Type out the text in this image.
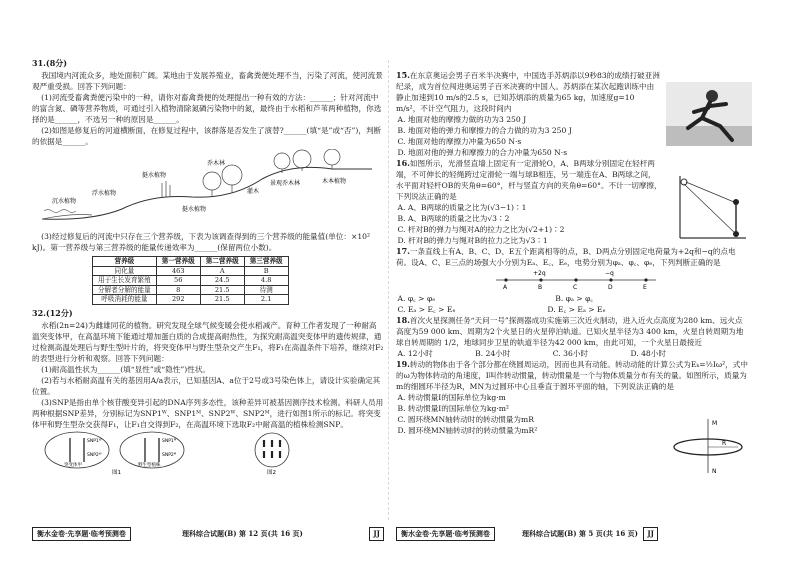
31.(8分)

我国境内河流众多，地处面积广阔。某地由于发展养殖业，畜禽粪便处理不当，污染了河流，使河流景观严重受损。回答下列问题：

(1)河流受畜禽粪便污染中的一种，请你对畜禽粪便的处理提出一种有效的方法：______；针对河流中的富含氮、磷等营养物质，可通过引入植物清除氮磷污染物中的氮，最终由于水稻和芦苇两种植物，你选择的是______，不选另一种的原因是______。

(2)如图是修复后的河道横断面，在修复过程中，该群落是否发生了演替?______(填“是”或“否”)，判断的依据是______。

沉水植物
浮水植物
挺水植物
挺水植物
乔木林
灌木
景观乔木林	木本植物

(3)经过修复后的河流中只存在三个营养级，下表为该调查得到的三个营养级的能量值(单位：×10² kJ)。第一营养级与第三营养级的能量传递效率为______(保留两位小数)。

营养级	第一营养级	第二营养级	第三营养级
同化量	463	A	B
用于生长发育繁殖	56	24.5	4.8
分解者分解的能量	8	21.5	待测
呼吸消耗的能量	292	21.5	2.1

32.(12分)

水稻(2n=24)为雌雄同花的植物。研究发现全球气候变暖会使水稻减产。育种工作者发现了一种耐高温突变体甲，在高温环境下能通过增加蛋白质的合成提高耐热性，为探究耐高温突变体甲的遗传规律，通过检测高温处理后与野生型叶片的，将突变体甲与野生型杂交产生F₁，将F₁在高温条件下培养，继续对F₂的表型进行分析和观察。回答下列问题：

(1)耐高温性状为______(填“显性”或“隐性”)性状。

(2)若与水稻耐高温有关的基因用A/a表示，已知基因A、a位于2号或3号染色体上，请设计实验确定其位置。

(3)SNP是指由单个核苷酸变异引起的DNA序列多态性，该种差异可被基因测序技术检测。科研人员用两种根据SNP差异，分别标记为SNP1ᵂ、SNP1ᴹ、SNP2ᵂ、SNP2ᴹ，进行如图1所示的标记。将突变体甲和野生型杂交获得F₁，让F₁自交得到F₂，在高温环境下选取F₂中耐高温的植株检测SNP。

SNP1ᵂ
SNP2ᵂ
SNP1ᴹ
SNP2ᴹ
突变体甲	野生型植株
图1	图2

15.在东京奥运会男子百米半决赛中，中国选手苏炳添以9秒83的成绩打破亚洲纪录，成为首位闯进奥运男子百米决赛的中国人。苏炳添在某次起跑训练中由静止加速到10 m/s的2.5 s，已知苏炳添的质量为65 kg，加速度g=10 m/s²，不计空气阻力，这段时间内

A. 地面对他的摩擦力做的功为3 250 J

B. 地面对他的弹力和摩擦力的合力做的功为3 250 J

C. 地面对他的摩擦力冲量为650 N·s

D. 地面对他的弹力和摩擦力的合力冲量为650 N·s

16.如图所示，光滑竖直墙上固定有一定滑轮O，A、B两球分别固定在轻杆两端，不可伸长的轻绳跨过定滑轮一端与球B相连，另一端连在A、B两球之间，水平面对轻杆OB的夹角θ=60°，杆与竖直方向的夹角θ=60°。不计一切摩擦，下列说法正确的是

A. A、B两球的质量之比为(√3−1)∶1

B. A、B两球的质量之比为√3∶2

C. 杆对B的弹力与绳对A的拉力之比为(√2+1)∶2

D. 杆对B的弹力与绳对B的拉力之比为√3∶1

17.一条直线上有A、B、C、D、E五个距离相等的点，B、D两点分别固定电荷量为+2q和−q的点电荷。设A、C、E三点的场强大小分别为Eₐ、E꜀、Eₑ，电势分别为φₐ、φ꜀、φₑ，下列判断正确的是

A	B	C	D	E
+2q	−q

A. φ꜀ > φₑ	B. φₐ > φ꜀

C. Eₐ > E꜀ > Eₑ	D. E꜀ > Eₐ > Eₑ

18.首次火星探测任务“天问一号”探测器成功实施第三次近火制动，进入近火点高度为280 km、远火点高度为59 000 km、周期为2个火星日的火星停泊轨道。已知火星半径为3 400 km，火星自转周期为地球自转周期的 1/2，地球同步卫星的轨道半径为42 000 km，由此可知，一个火星日最接近

A. 12小时	B. 24小时	C. 36小时	D. 48小时

M
N
R

19.转动的物体由于各个部分都在绕圆周运动，因而也具有动能。转动动能的计算公式为Eₖ=½Iω²，式中的ω为物体转动的角速度，I叫作转动惯量，转动惯量是一个与物体质量分布有关的量。如图所示，质量为m的细圆环半径为R，MN为过圆环中心且垂直于圆环平面的轴，下列说法正确的是

A. 转动惯量I的国际单位为kg·m

B. 转动惯量I的国际单位为kg·m²

C. 圆环绕MN轴转动时的转动惯量为mR

D. 圆环绕MN轴转动时的转动惯量为mR²

衡水金卷·先享题·临考预测卷	理科综合试题(B) 第 12 页(共 16 页)	JJ	衡水金卷·先享题·临考预测卷	理科综合试题(B) 第 5 页(共 16 页)	JJ
